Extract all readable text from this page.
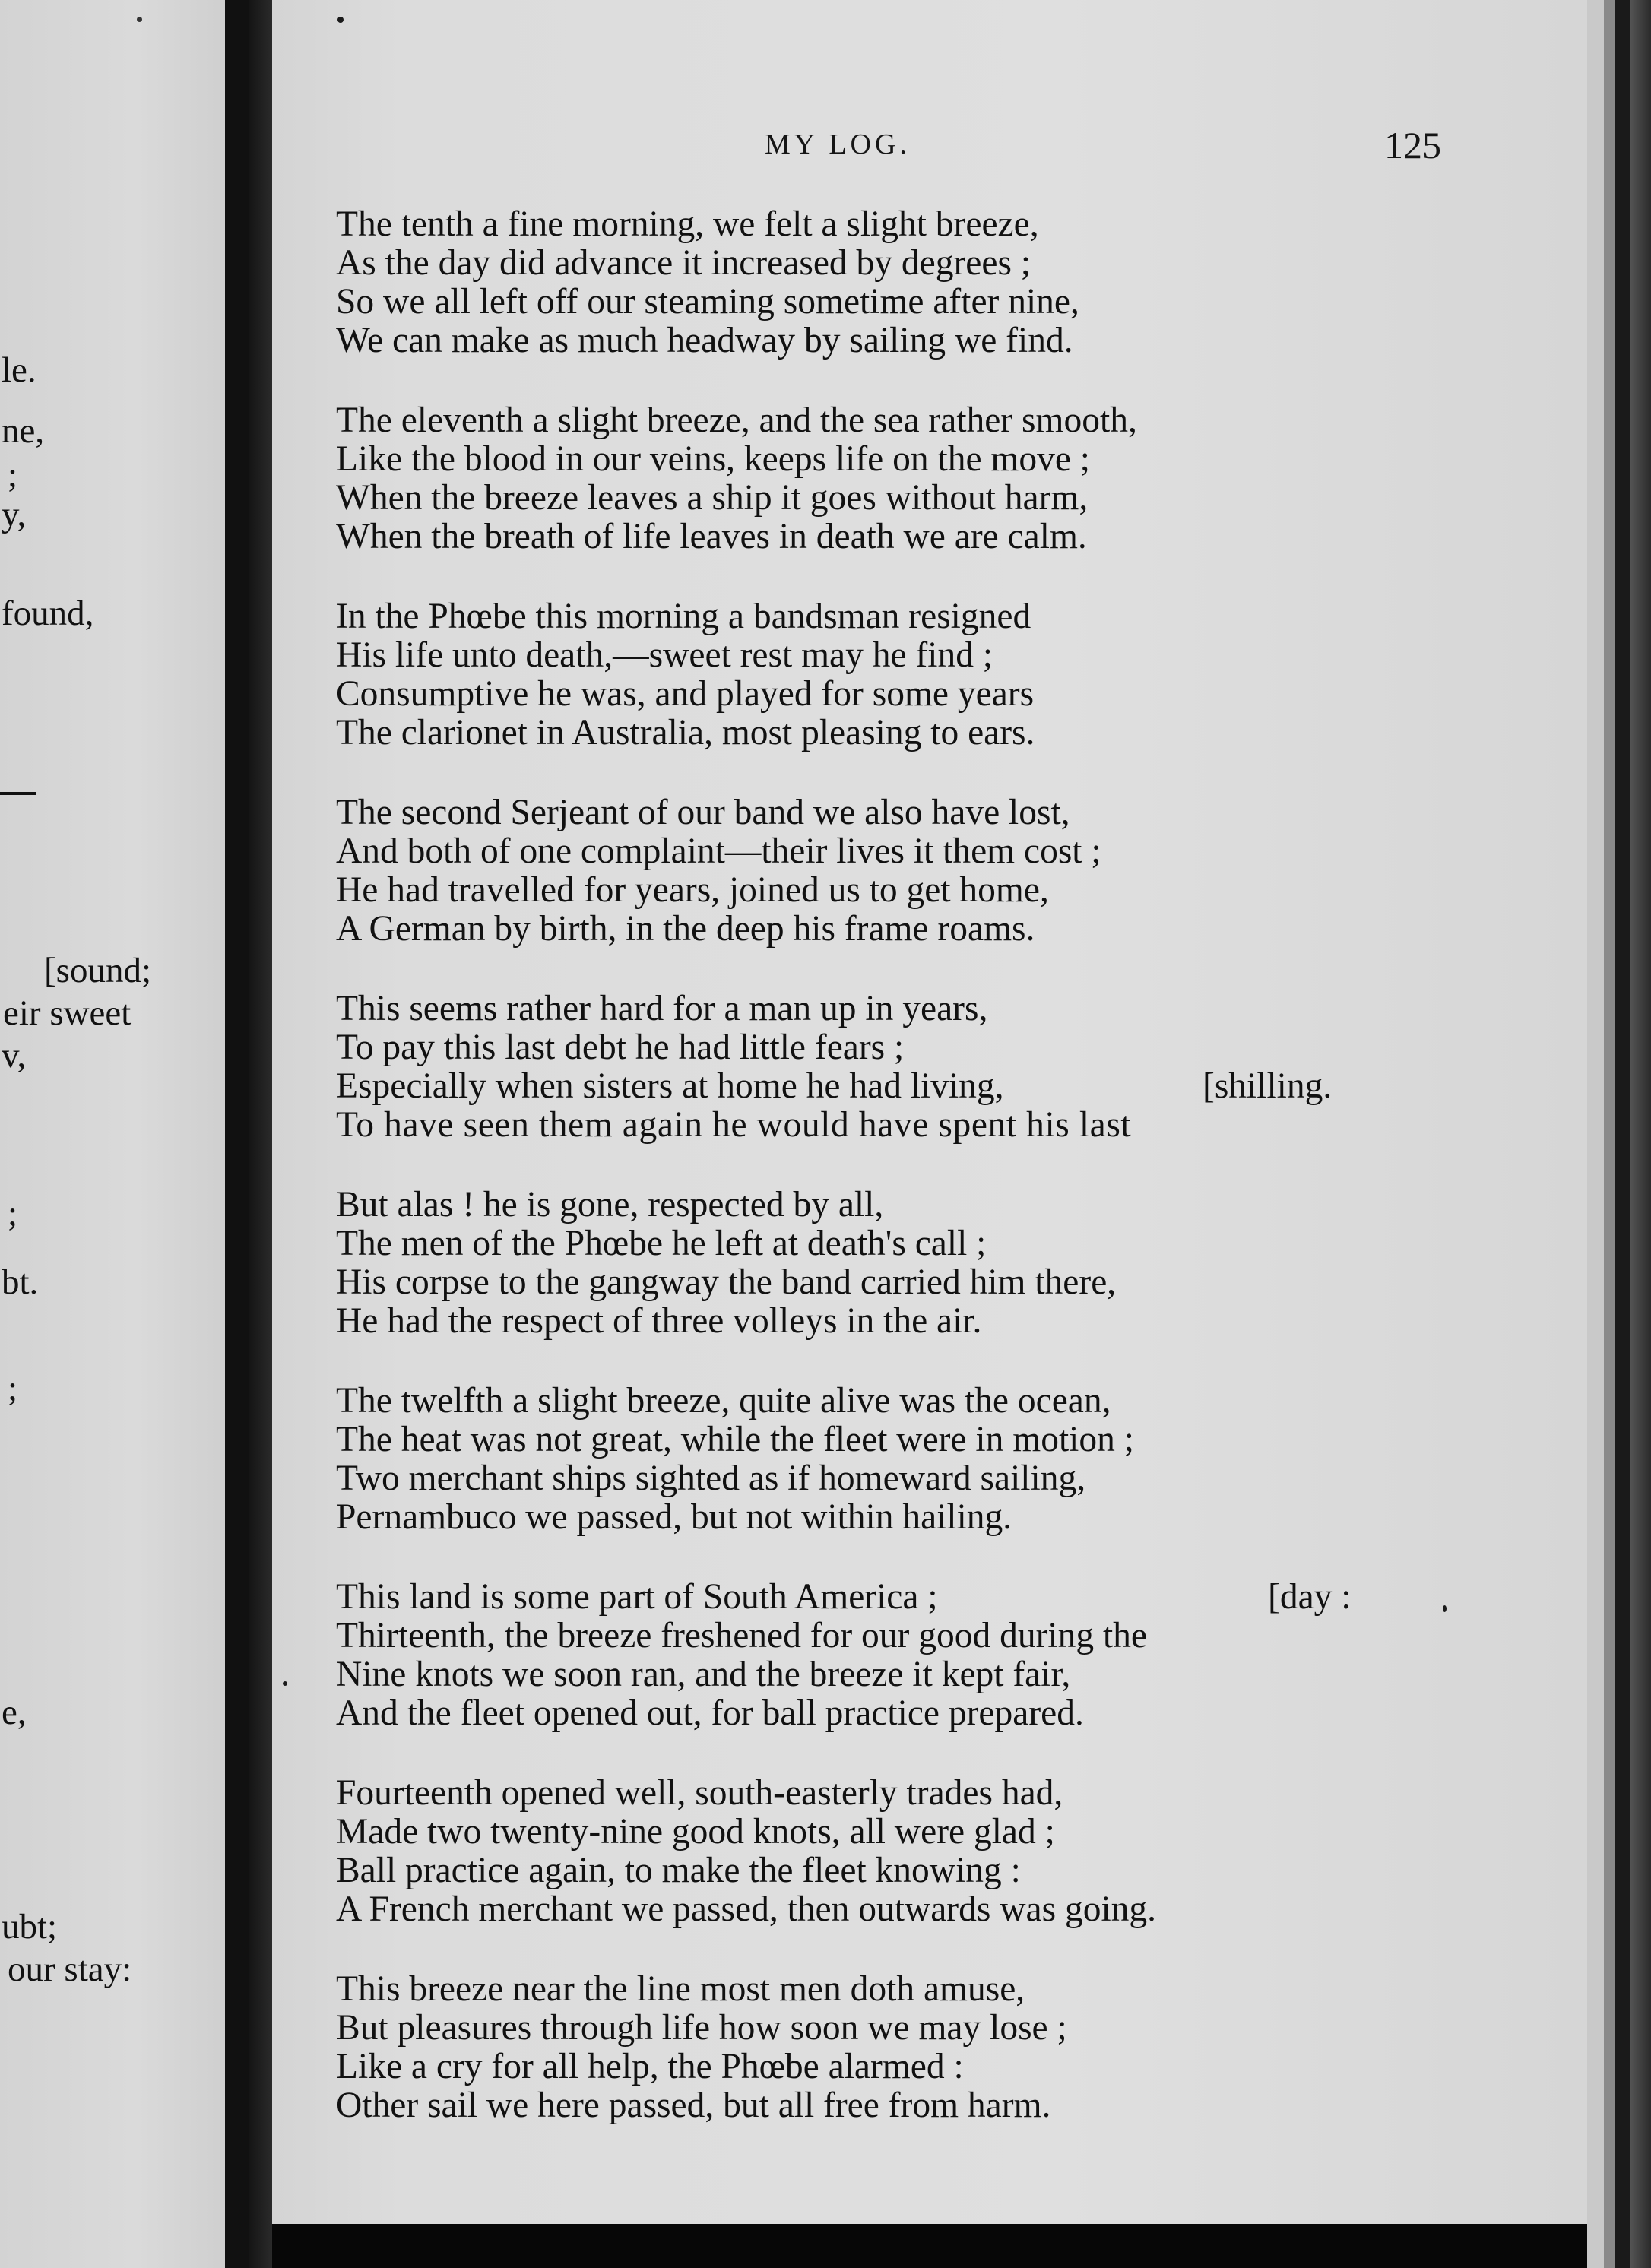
le.
ne,
;
y,
found,
[sound;
eir sweet
v,
;
bt.
;
e,
ubt;
our stay:
MY LOG.	125
The tenth a fine morning, we felt a slight breeze,
As the day did advance it increased by degrees ;
So we all left off our steaming sometime after nine,
We can make as much headway by sailing we find.
The eleventh a slight breeze, and the sea rather smooth,
Like the blood in our veins, keeps life on the move ;
When the breeze leaves a ship it goes without harm,
When the breath of life leaves in death we are calm.
In the Phœbe this morning a bandsman resigned
His life unto death,—sweet rest may he find ;
Consumptive he was, and played for some years
The clarionet in Australia, most pleasing to ears.
The second Serjeant of our band we also have lost,
And both of one complaint—their lives it them cost ;
He had travelled for years, joined us to get home,
A German by birth, in the deep his frame roams.
This seems rather hard for a man up in years,
To pay this last debt he had little fears ;
Especially when sisters at home he had living,	[shilling.
To have seen them again he would have spent his last
But alas ! he is gone, respected by all,
The men of the Phœbe he left at death's call ;
His corpse to the gangway the band carried him there,
He had the respect of three volleys in the air.
The twelfth a slight breeze, quite alive was the ocean,
The heat was not great, while the fleet were in motion ;
Two merchant ships sighted as if homeward sailing,
Pernambuco we passed, but not within hailing.
This land is some part of South America ;	[day :
Thirteenth, the breeze freshened for our good during the
Nine knots we soon ran, and the breeze it kept fair,
And the fleet opened out, for ball practice prepared.
Fourteenth opened well, south-easterly trades had,
Made two twenty-nine good knots, all were glad ;
Ball practice again, to make the fleet knowing :
A French merchant we passed, then outwards was going.
This breeze near the line most men doth amuse,
But pleasures through life how soon we may lose ;
Like a cry for all help, the Phœbe alarmed :
Other sail we here passed, but all free from harm.
